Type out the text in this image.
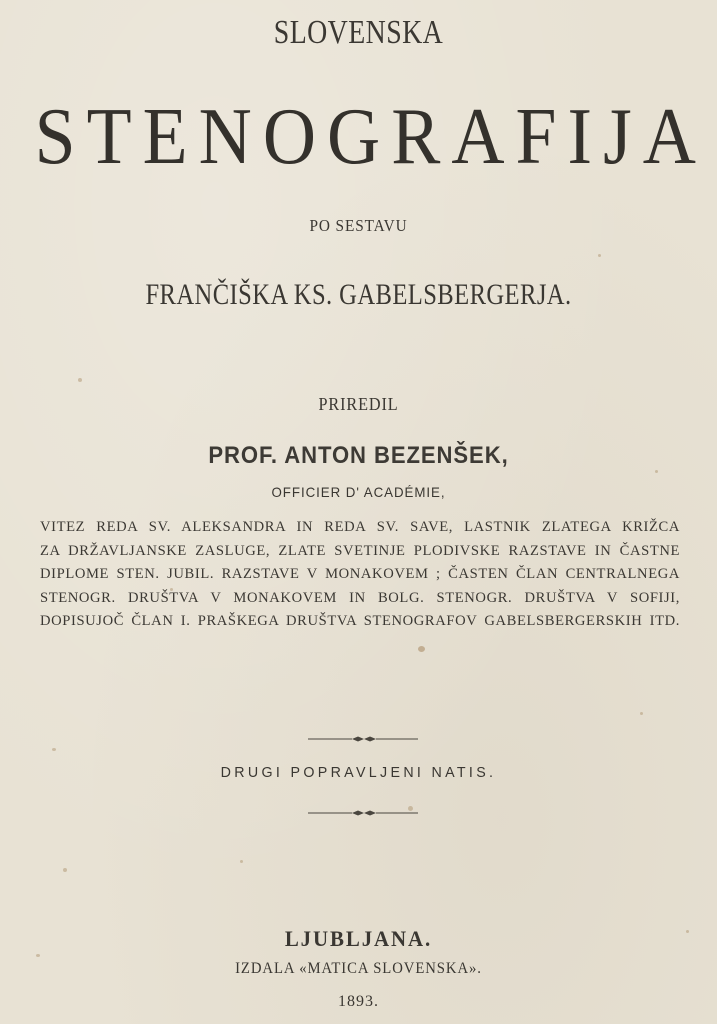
SLOVENSKA
STENOGRAFIJA
PO SESTAVU
FRANČIŠKA KS. GABELSBERGERJA.
PRIREDIL
PROF. ANTON BEZENŠEK,
OFFICIER D' ACADÉMIE,
VITEZ REDA SV. ALEKSANDRA IN REDA SV. SAVE, LASTNIK ZLATEGA KRIŽCA
ZA DRŽAVLJANSKE ZASLUGE, ZLATE SVETINJE PLODIVSKE RAZSTAVE IN ČASTNE
DIPLOME STEN. JUBIL. RAZSTAVE V MONAKOVEM ; ČASTEN ČLAN CENTRALNEGA
STENOGR. DRUŠTVA V MONAKOVEM IN BOLG. STENOGR. DRUŠTVA V SOFIJI,
DOPISUJOČ ČLAN I. PRAŠKEGA DRUŠTVA STENOGRAFOV GABELSBERGERSKIH ITD.
DRUGI POPRAVLJENI NATIS.
LJUBLJANA.
IZDALA «MATICA SLOVENSKA».
1893.
